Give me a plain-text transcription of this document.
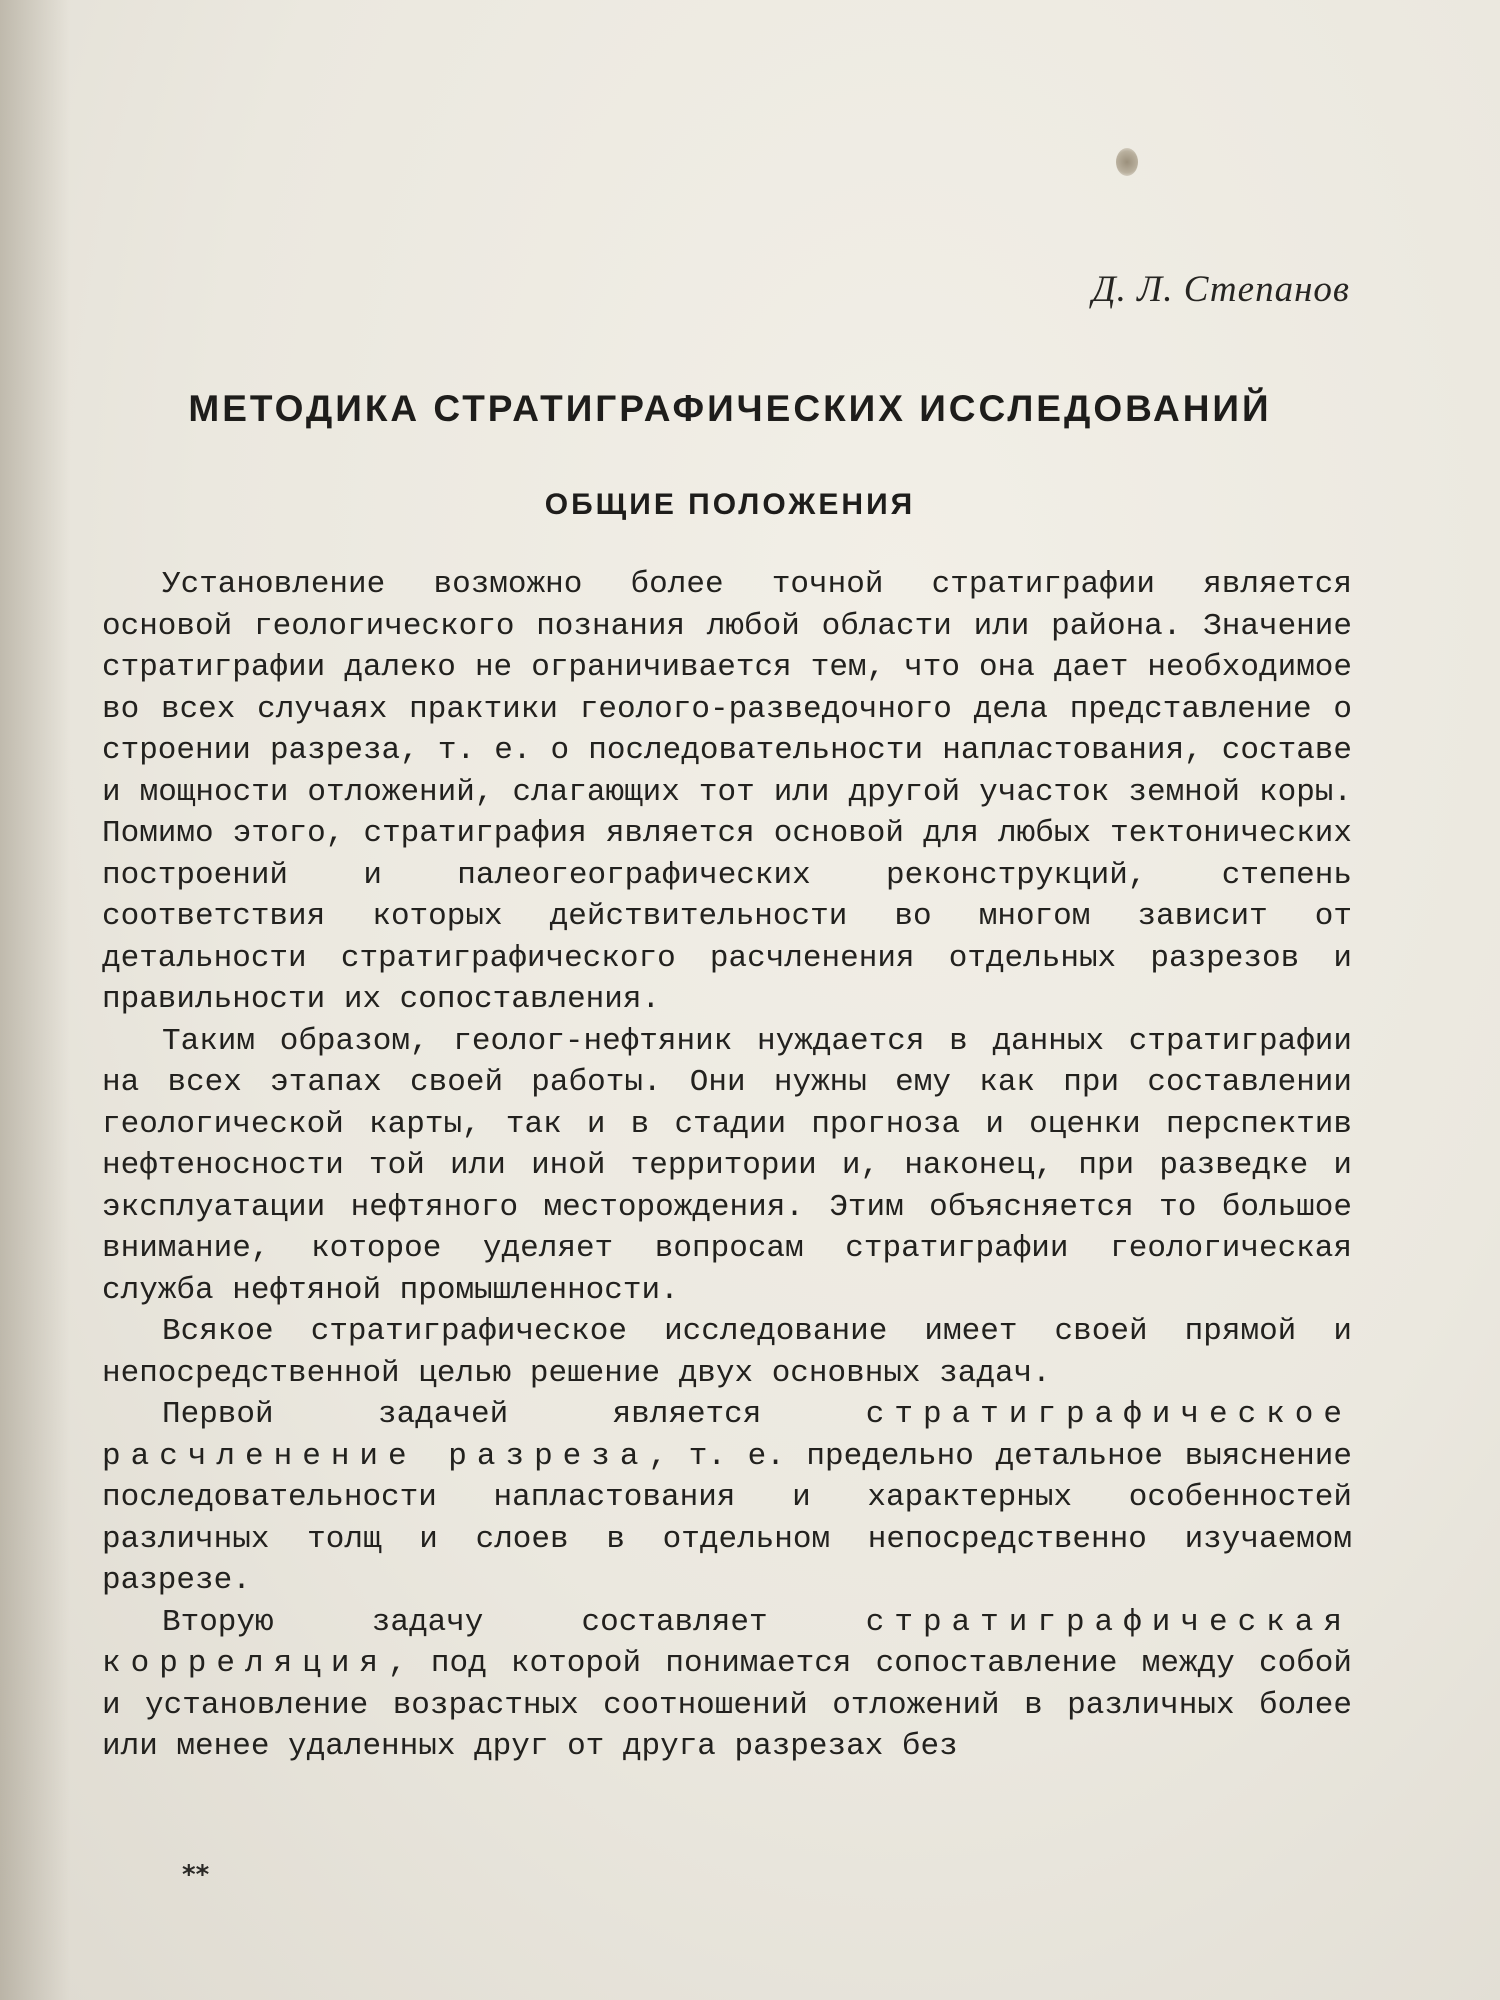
Д. Л. Степанов
МЕТОДИКА СТРАТИГРАФИЧЕСКИХ ИССЛЕДОВАНИЙ
ОБЩИЕ ПОЛОЖЕНИЯ

Установление возможно более точной стратиграфии является основой геологического познания любой области или района. Значение стратиграфии далеко не ограничивается тем, что она дает необходимое во всех случаях практики геолого-разведочного дела представление о строении разреза, т. е. о последовательности напластования, составе и мощности отложений, слагающих тот или другой участок земной коры. Помимо этого, стратиграфия является основой для любых тектонических построений и палеогеографических реконструкций, степень соответствия которых действительности во многом зависит от детальности стратиграфического расчленения отдельных разрезов и правильности их сопоставления.

Таким образом, геолог-нефтяник нуждается в данных стратиграфии на всех этапах своей работы. Они нужны ему как при составлении геологической карты, так и в стадии прогноза и оценки перспектив нефтеносности той или иной территории и, наконец, при разведке и эксплуатации нефтяного месторождения. Этим объясняется то большое внимание, которое уделяет вопросам стратиграфии геологическая служба нефтяной промышленности.

Всякое стратиграфическое исследование имеет своей прямой и непосредственной целью решение двух основных задач.

Первой задачей является стратиграфическое расчленение разреза, т. е. предельно детальное выяснение последовательности напластования и характерных особенностей различных толщ и слоев в отдельном непосредственно изучаемом разрезе.

Вторую задачу составляет стратиграфическая корреляция, под которой понимается сопоставление между собой и установление возрастных соотношений отложений в различных более или менее удаленных друг от друга разрезах без

**
